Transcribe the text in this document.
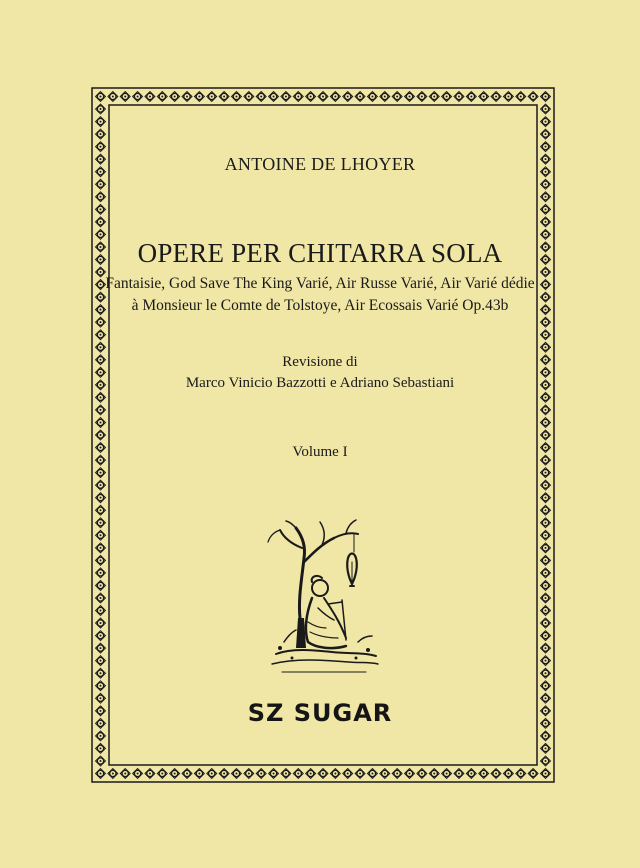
ANTOINE DE LHOYER
OPERE PER CHITARRA SOLA
Fantaisie, God Save The King Varié, Air Russe Varié, Air Varié dédie
à Monsieur le Comte de Tolstoye, Air Ecossais Varié Op.43b
Revisione di
Marco Vinicio Bazzotti e Adriano Sebastiani
Volume I
SZ SUGAR
